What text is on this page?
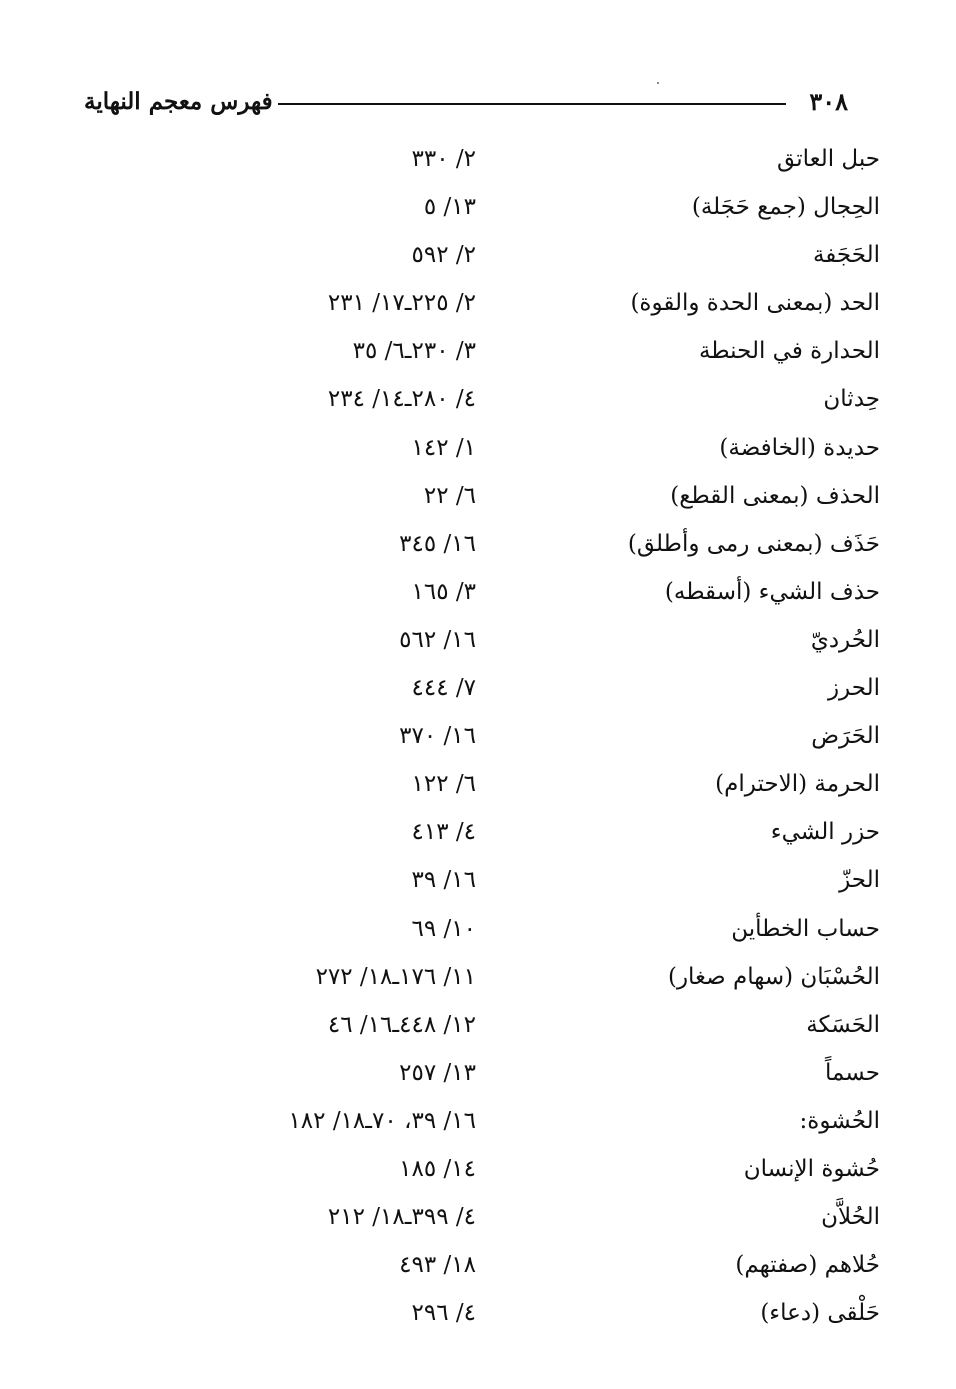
٣٠٨
فهرس معجم النهاية
حبل العاتق
٢/ ٣٣٠
الحِجال (جمع حَجَلة)
١٣/ ٥
الحَجَفة
٢/ ٥٩٢
الحد (بمعنى الحدة والقوة)
٢/ ٢٢٥ـ١٧/ ٢٣١
الحدارة في الحنطة
٣/ ٢٣٠ـ٦/ ٣٥
حِدثان
٤/ ٢٨٠ـ١٤/ ٢٣٤
حديدة (الخافضة)
١/ ١٤٢
الحذف (بمعنى القطع)
٦/ ٢٢
حَذَف (بمعنى رمى وأطلق)
١٦/ ٣٤٥
حذف الشيء (أسقطه)
٣/ ١٦٥
الحُرديّ
١٦/ ٥٦٢
الحرز
٧/ ٤٤٤
الحَرَض
١٦/ ٣٧٠
الحرمة (الاحترام)
٦/ ١٢٢
حزر الشيء
٤/ ٤١٣
الحزّ
١٦/ ٣٩
حساب الخطأين
١٠/ ٦٩
الحُسْبَان (سهام صغار)
١١/ ١٧٦ـ١٨/ ٢٧٢
الحَسَكة
١٢/ ٤٤٨ـ١٦/ ٤٦
حسماً
١٣/ ٢٥٧
الحُشوة:
١٦/ ٣٩، ٧٠ـ١٨/ ١٨٢
حُشوة الإنسان
١٤/ ١٨٥
الحُلاَّن
٤/ ٣٩٩ـ١٨/ ٢١٢
حُلاهم (صفتهم)
١٨/ ٤٩٣
حَلْقى (دعاء)
٤/ ٢٩٦
